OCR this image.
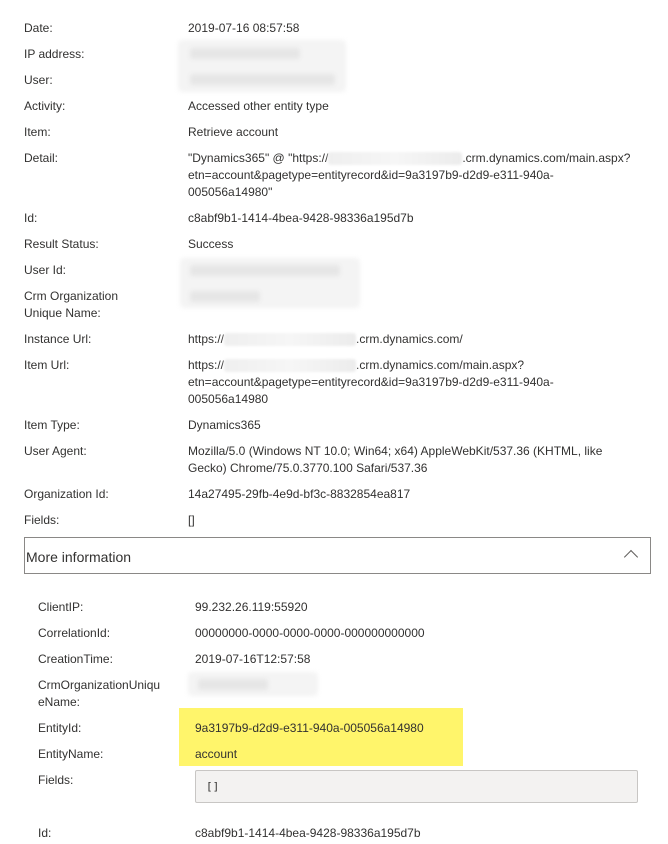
Date:	2019-07-16 08:57:58
IP address:
User:
Activity:	Accessed other entity type
Item:	Retrieve account
Detail:	"Dynamics365" @ "https://	.crm.dynamics.com/main.aspx?
etn=account&pagetype=entityrecord&id=9a3197b9-d2d9-e311-940a-
005056a14980"
Id:	c8abf9b1-1414-4bea-9428-98336a195d7b
Result Status:	Success
User Id:
Crm Organization
Unique Name:
Instance Url:	https://	.crm.dynamics.com/
Item Url:	https://	.crm.dynamics.com/main.aspx?
etn=account&pagetype=entityrecord&id=9a3197b9-d2d9-e311-940a-
005056a14980
Item Type:	Dynamics365
User Agent:	Mozilla/5.0 (Windows NT 10.0; Win64; x64) AppleWebKit/537.36 (KHTML, like
Gecko) Chrome/75.0.3770.100 Safari/537.36
Organization Id:	14a27495-29fb-4e9d-bf3c-8832854ea817
Fields:	[]
More information
ClientIP:	99.232.26.119:55920
CorrelationId:	00000000-0000-0000-0000-000000000000
CreationTime:	2019-07-16T12:57:58
CrmOrganizationUniqu
eName:
EntityId:	9a3197b9-d2d9-e311-940a-005056a14980
EntityName:	account
Fields:	[]
Id:	c8abf9b1-1414-4bea-9428-98336a195d7b
